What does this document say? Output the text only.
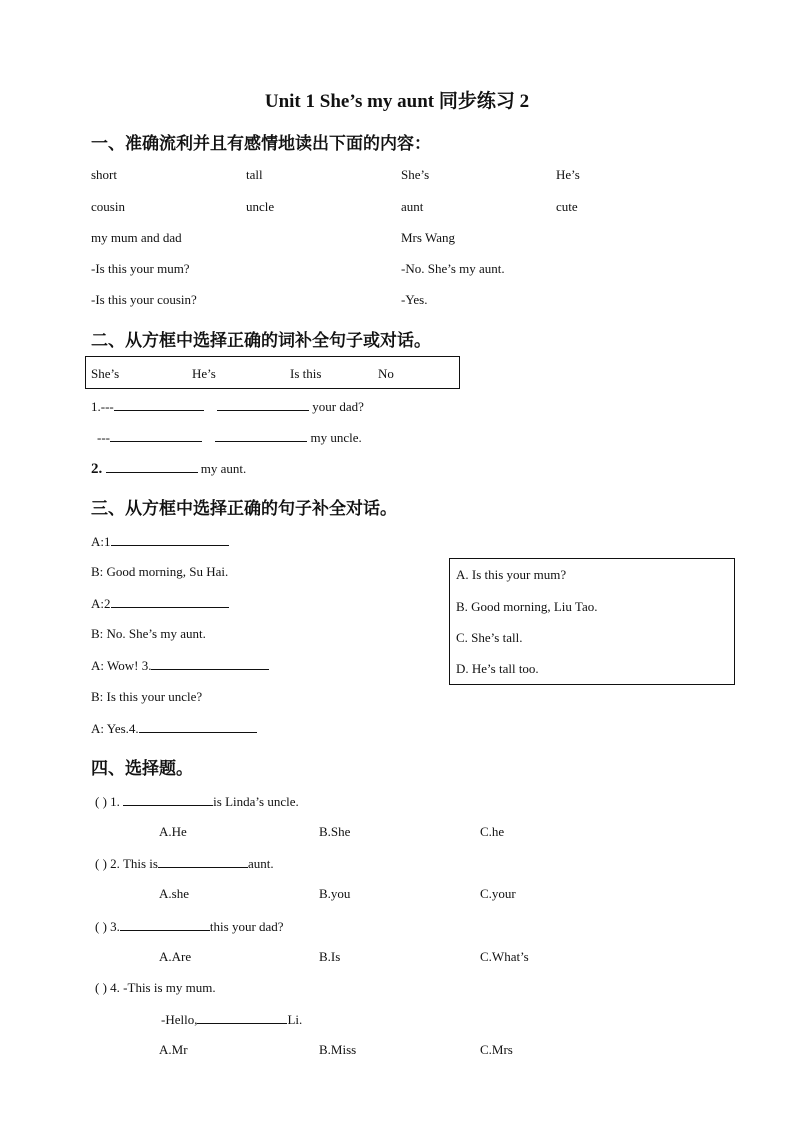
Unit 1 She’s my aunt 同步练习 2
一、准确流利并且有感情地读出下面的内容：
short	tall	She’s	He’s
cousin	uncle	aunt	cute
my mum and dad	Mrs Wang
-Is this your mum?	-No. She’s my aunt.
-Is this your cousin?	-Yes.
二、从方框中选择正确的词补全句子或对话。
She’s	He’s	Is this	No
1.---	your dad?
---	my uncle.
2.	my aunt.
三、从方框中选择正确的句子补全对话。
A:1
B: Good morning, Su Hai.
A:2
B: No. She’s my aunt.
A: Wow! 3.
B: Is this your uncle?
A: Yes.4.
A. Is this your mum?
B. Good morning, Liu Tao.
C. She’s tall.
D. He’s tall too.
四、选择题。
( ) 1.	is Linda’s uncle.
A.He	B.She	C.he
( ) 2. This is	aunt.
A.she	B.you	C.your
( ) 3.	this your dad?
A.Are	B.Is	C.What’s
( ) 4. -This is my mum.
-Hello,	Li.
A.Mr	B.Miss	C.Mrs
